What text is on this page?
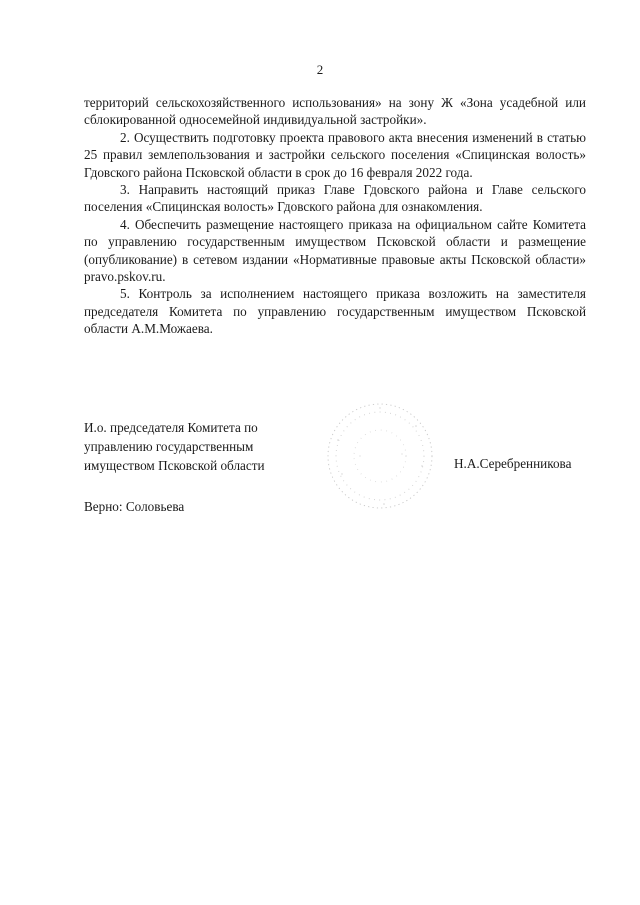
2

территорий сельскохозяйственного использования» на зону Ж «Зона усадебной или сблокированной односемейной индивидуальной застройки».

2. Осуществить подготовку проекта правового акта внесения изменений в статью 25 правил землепользования и застройки сельского поселения «Спицинская волость» Гдовского района Псковской области в срок до 16 февраля 2022 года.

3. Направить настоящий приказ Главе Гдовского района и Главе сельского поселения «Спицинская волость» Гдовского района для ознакомления.

4. Обеспечить размещение настоящего приказа на официальном сайте Комитета по управлению государственным имуществом Псковской области и размещение (опубликование) в сетевом издании «Нормативные правовые акты Псковской области» pravo.pskov.ru.

5. Контроль за исполнением настоящего приказа возложить на заместителя председателя Комитета по управлению государственным имуществом Псковской области А.М.Можаева.

И.о. председателя Комитета по
управлению государственным
имуществом Псковской области	Н.А.Серебренникова
Верно: Соловьева
